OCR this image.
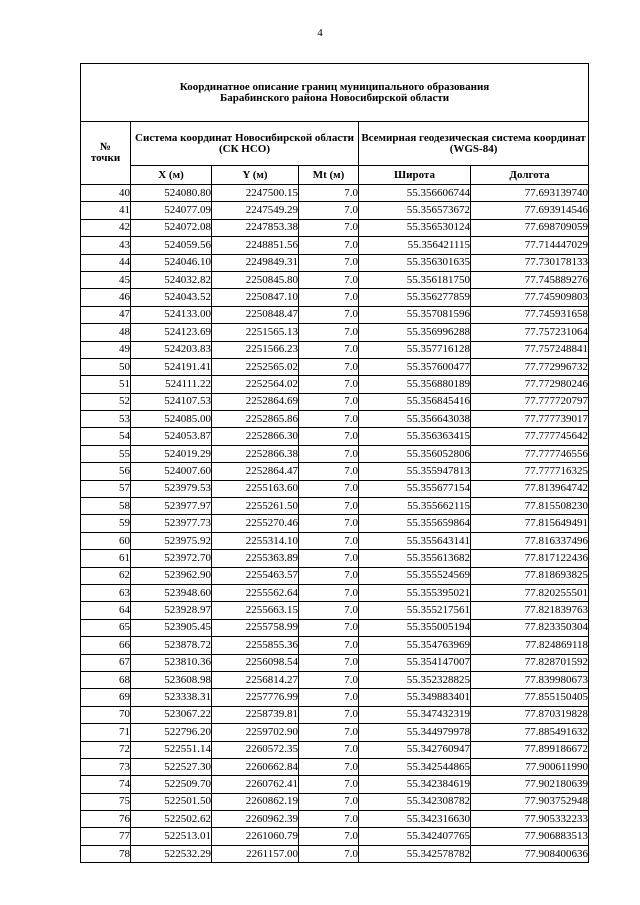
4
Координатное описание границ муниципального образования
Барабинского района Новосибирской области					

№
точки	Система координат Новосибирской области (СК НСО)			Всемирная геодезическая система координат (WGS-84)	
	X (м)	Y (м)	Mt (м)	Широта	Долгота
40	524080.80	2247500.15	7.0	55.356606744	77.693139740
41	524077.09	2247549.29	7.0	55.356573672	77.693914546
42	524072.08	2247853.38	7.0	55.356530124	77.698709059
43	524059.56	2248851.56	7.0	55.356421115	77.714447029
44	524046.10	2249849.31	7.0	55.356301635	77.730178133
45	524032.82	2250845.80	7.0	55.356181750	77.745889276
46	524043.52	2250847.10	7.0	55.356277859	77.745909803
47	524133.00	2250848.47	7.0	55.357081596	77.745931658
48	524123.69	2251565.13	7.0	55.356996288	77.757231064
49	524203.83	2251566.23	7.0	55.357716128	77.757248841
50	524191.41	2252565.02	7.0	55.357600477	77.772996732
51	524111.22	2252564.02	7.0	55.356880189	77.772980246
52	524107.53	2252864.69	7.0	55.356845416	77.777720797
53	524085.00	2252865.86	7.0	55.356643038	77.777739017
54	524053.87	2252866.30	7.0	55.356363415	77.777745642
55	524019.29	2252866.38	7.0	55.356052806	77.777746556
56	524007.60	2252864.47	7.0	55.355947813	77.777716325
57	523979.53	2255163.60	7.0	55.355677154	77.813964742
58	523977.97	2255261.50	7.0	55.355662115	77.815508230
59	523977.73	2255270.46	7.0	55.355659864	77.815649491
60	523975.92	2255314.10	7.0	55.355643141	77.816337496
61	523972.70	2255363.89	7.0	55.355613682	77.817122436
62	523962.90	2255463.57	7.0	55.355524569	77.818693825
63	523948.60	2255562.64	7.0	55.355395021	77.820255501
64	523928.97	2255663.15	7.0	55.355217561	77.821839763
65	523905.45	2255758.99	7.0	55.355005194	77.823350304
66	523878.72	2255855.36	7.0	55.354763969	77.824869118
67	523810.36	2256098.54	7.0	55.354147007	77.828701592
68	523608.98	2256814.27	7.0	55.352328825	77.839980673
69	523338.31	2257776.99	7.0	55.349883401	77.855150405
70	523067.22	2258739.81	7.0	55.347432319	77.870319828
71	522796.20	2259702.90	7.0	55.344979978	77.885491632
72	522551.14	2260572.35	7.0	55.342760947	77.899186672
73	522527.30	2260662.84	7.0	55.342544865	77.900611990
74	522509.70	2260762.41	7.0	55.342384619	77.902180639
75	522501.50	2260862.19	7.0	55.342308782	77.903752948
76	522502.62	2260962.39	7.0	55.342316630	77.905332233
77	522513.01	2261060.79	7.0	55.342407765	77.906883513
78	522532.29	2261157.00	7.0	55.342578782	77.908400636
